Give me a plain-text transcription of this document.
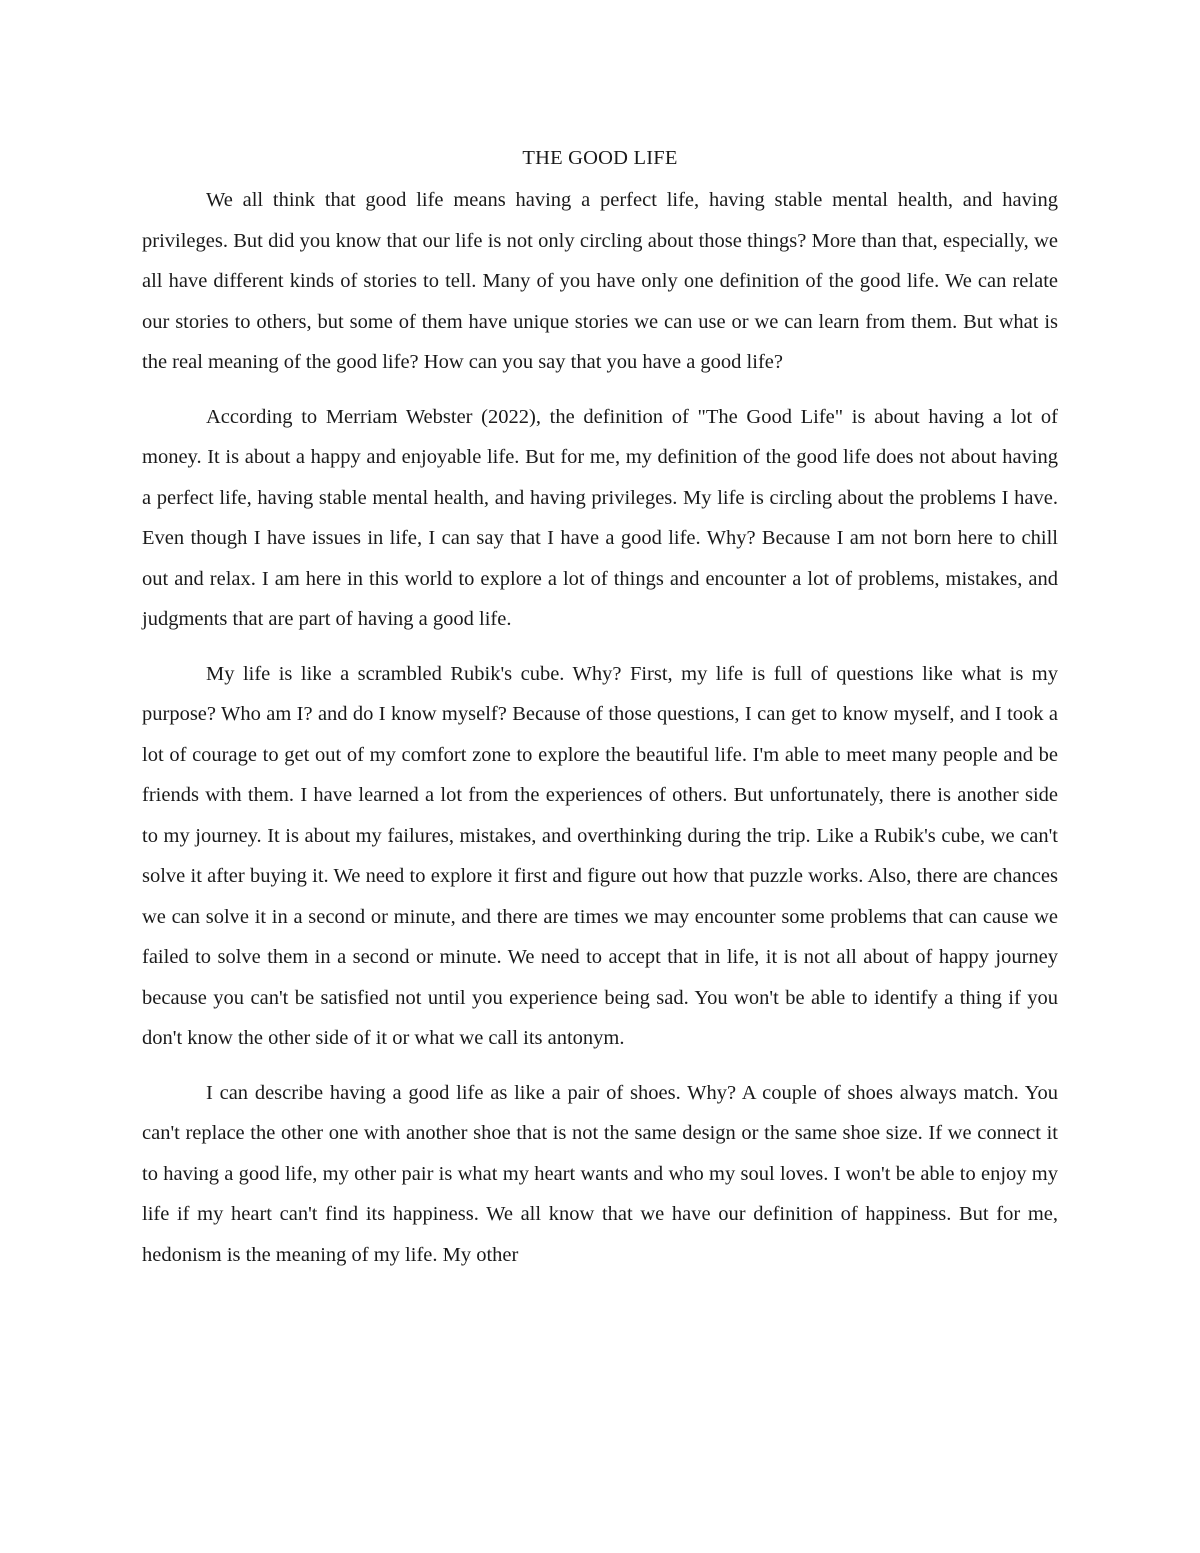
THE GOOD LIFE

We all think that good life means having a perfect life, having stable mental health, and having privileges. But did you know that our life is not only circling about those things? More than that, especially, we all have different kinds of stories to tell. Many of you have only one definition of the good life. We can relate our stories to others, but some of them have unique stories we can use or we can learn from them. But what is the real meaning of the good life? How can you say that you have a good life?

According to Merriam Webster (2022), the definition of "The Good Life" is about having a lot of money. It is about a happy and enjoyable life. But for me, my definition of the good life does not about having a perfect life, having stable mental health, and having privileges. My life is circling about the problems I have. Even though I have issues in life, I can say that I have a good life. Why? Because I am not born here to chill out and relax. I am here in this world to explore a lot of things and encounter a lot of problems, mistakes, and judgments that are part of having a good life.

My life is like a scrambled Rubik's cube. Why? First, my life is full of questions like what is my purpose? Who am I? and do I know myself? Because of those questions, I can get to know myself, and I took a lot of courage to get out of my comfort zone to explore the beautiful life. I'm able to meet many people and be friends with them. I have learned a lot from the experiences of others. But unfortunately, there is another side to my journey. It is about my failures, mistakes, and overthinking during the trip. Like a Rubik's cube, we can't solve it after buying it. We need to explore it first and figure out how that puzzle works. Also, there are chances we can solve it in a second or minute, and there are times we may encounter some problems that can cause we failed to solve them in a second or minute. We need to accept that in life, it is not all about of happy journey because you can't be satisfied not until you experience being sad. You won't be able to identify a thing if you don't know the other side of it or what we call its antonym.

I can describe having a good life as like a pair of shoes. Why? A couple of shoes always match. You can't replace the other one with another shoe that is not the same design or the same shoe size. If we connect it to having a good life, my other pair is what my heart wants and who my soul loves. I won't be able to enjoy my life if my heart can't find its happiness. We all know that we have our definition of happiness. But for me, hedonism is the meaning of my life. My other
